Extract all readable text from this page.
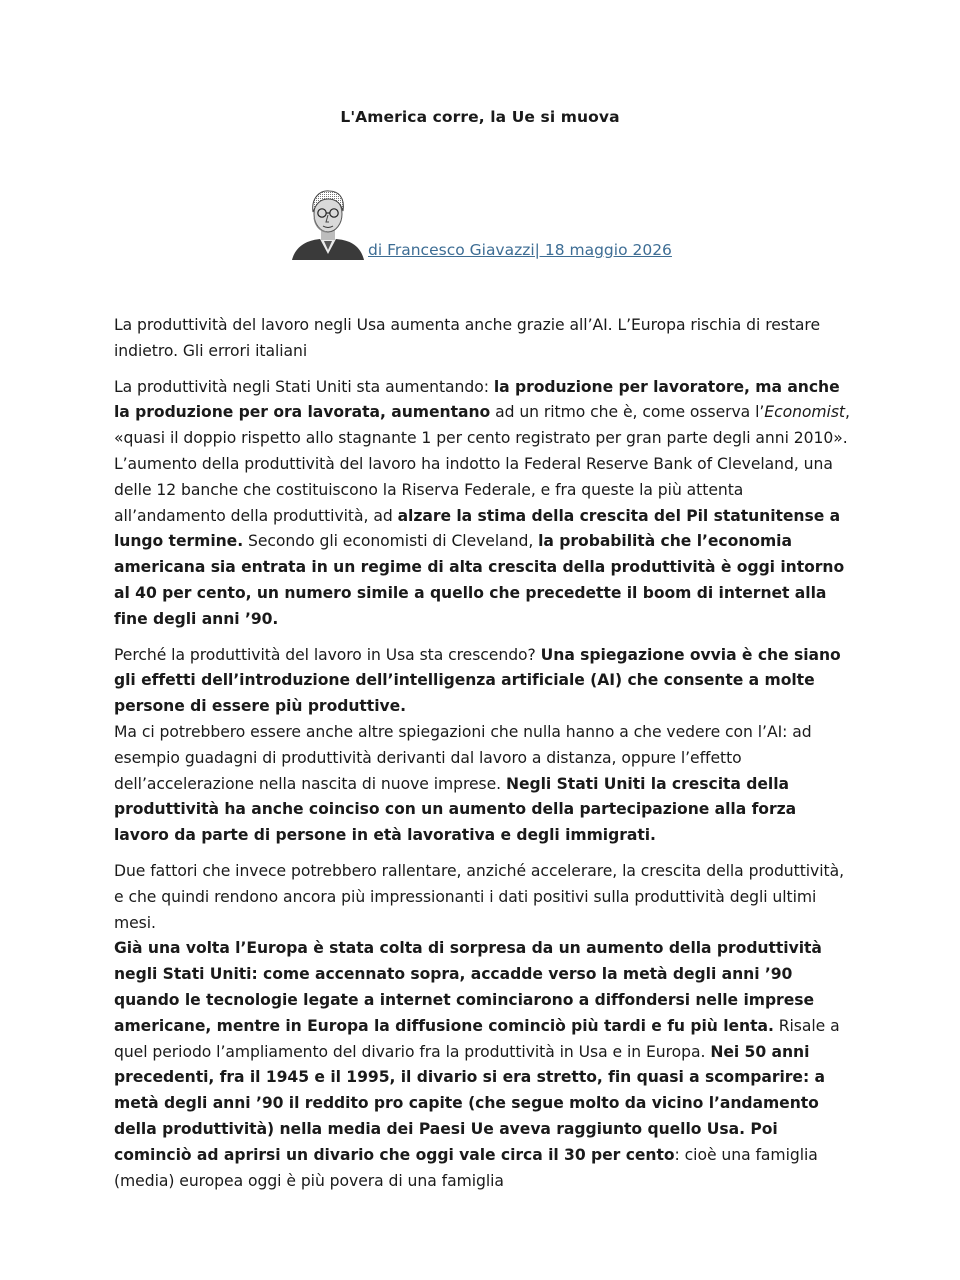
L'America corre, la Ue si muova
di Francesco Giavazzi| 18 maggio 2026

La produttività del lavoro negli Usa aumenta anche grazie all’AI. L’Europa rischia di restare indietro. Gli errori italiani

La produttività negli Stati Uniti sta aumentando: la produzione per lavoratore, ma anche la produzione per ora lavorata, aumentano ad un ritmo che è, come osserva l’Economist, «quasi il doppio rispetto allo stagnante 1 per cento registrato per gran parte degli anni 2010». L’aumento della produttività del lavoro ha indotto la Federal Reserve Bank of Cleveland, una delle 12 banche che costituiscono la Riserva Federale, e fra queste la più attenta all’andamento della produttività, ad alzare la stima della crescita del Pil statunitense a lungo termine. Secondo gli economisti di Cleveland, la probabilità che l’economia americana sia entrata in un regime di alta crescita della produttività è oggi intorno al 40 per cento, un numero simile a quello che precedette il boom di internet alla fine degli anni ’90.

Perché la produttività del lavoro in Usa sta crescendo? Una spiegazione ovvia è che siano gli effetti dell’introduzione dell’intelligenza artificiale (AI) che consente a molte persone di essere più produttive.

Ma ci potrebbero essere anche altre spiegazioni che nulla hanno a che vedere con l’AI: ad esempio guadagni di produttività derivanti dal lavoro a distanza, oppure l’effetto dell’accelerazione nella nascita di nuove imprese. Negli Stati Uniti la crescita della produttività ha anche coinciso con un aumento della partecipazione alla forza lavoro da parte di persone in età lavorativa e degli immigrati.

Due fattori che invece potrebbero rallentare, anziché accelerare, la crescita della produttività, e che quindi rendono ancora più impressionanti i dati positivi sulla produttività degli ultimi mesi.

Già una volta l’Europa è stata colta di sorpresa da un aumento della produttività negli Stati Uniti: come accennato sopra, accadde verso la metà degli anni ’90 quando le tecnologie legate a internet cominciarono a diffondersi nelle imprese americane, mentre in Europa la diffusione cominciò più tardi e fu più lenta. Risale a quel periodo l’ampliamento del divario fra la produttività in Usa e in Europa. Nei 50 anni precedenti, fra il 1945 e il 1995, il divario si era stretto, fin quasi a scomparire: a metà degli anni ’90 il reddito pro capite (che segue molto da vicino l’andamento della produttività) nella media dei Paesi Ue aveva raggiunto quello Usa. Poi cominciò ad aprirsi un divario che oggi vale circa il 30 per cento: cioè una famiglia (media) europea oggi è più povera di una famiglia
